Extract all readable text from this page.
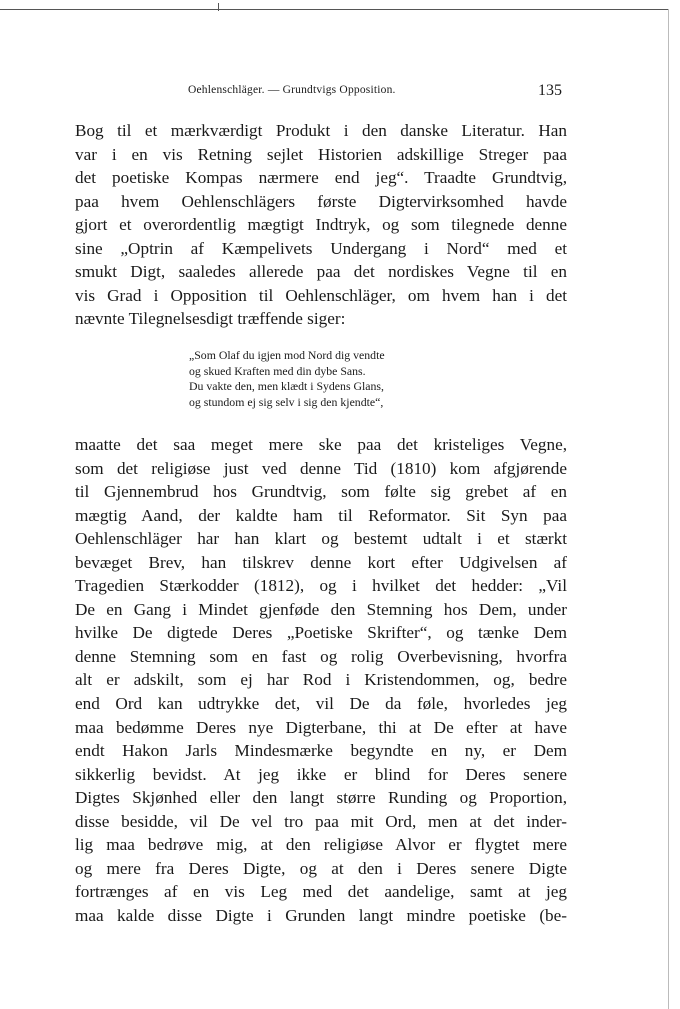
Oehlenschläger. — Grundtvigs Opposition.	135
Bog til et mærkværdigt Produkt i den danske Literatur. Han
var i en vis Retning sejlet Historien adskillige Streger paa
det poetiske Kompas nærmere end jeg“. Traadte Grundtvig,
paa hvem Oehlenschlägers første Digtervirksomhed havde
gjort et overordentlig mægtigt Indtryk, og som tilegnede denne
sine „Optrin af Kæmpelivets Undergang i Nord“ med et
smukt Digt, saaledes allerede paa det nordiskes Vegne til en
vis Grad i Opposition til Oehlenschläger, om hvem han i det
nævnte Tilegnelsesdigt træffende siger:
„Som Olaf du igjen mod Nord dig vendte
og skued Kraften med din dybe Sans.
Du vakte den, men klædt i Sydens Glans,
og stundom ej sig selv i sig den kjendte“,
maatte det saa meget mere ske paa det kristeliges Vegne,
som det religiøse just ved denne Tid (1810) kom afgjørende
til Gjennembrud hos Grundtvig, som følte sig grebet af en
mægtig Aand, der kaldte ham til Reformator. Sit Syn paa
Oehlenschläger har han klart og bestemt udtalt i et stærkt
bevæget Brev, han tilskrev denne kort efter Udgivelsen af
Tragedien Stærkodder (1812), og i hvilket det hedder: „Vil
De en Gang i Mindet gjenføde den Stemning hos Dem, under
hvilke De digtede Deres „Poetiske Skrifter“, og tænke Dem
denne Stemning som en fast og rolig Overbevisning, hvorfra
alt er adskilt, som ej har Rod i Kristendommen, og, bedre
end Ord kan udtrykke det, vil De da føle, hvorledes jeg
maa bedømme Deres nye Digterbane, thi at De efter at have
endt Hakon Jarls Mindesmærke begyndte en ny, er Dem
sikkerlig bevidst. At jeg ikke er blind for Deres senere
Digtes Skjønhed eller den langt større Runding og Proportion,
disse besidde, vil De vel tro paa mit Ord, men at det inder-
lig maa bedrøve mig, at den religiøse Alvor er flygtet mere
og mere fra Deres Digte, og at den i Deres senere Digte
fortrænges af en vis Leg med det aandelige, samt at jeg
maa kalde disse Digte i Grunden langt mindre poetiske (be-
